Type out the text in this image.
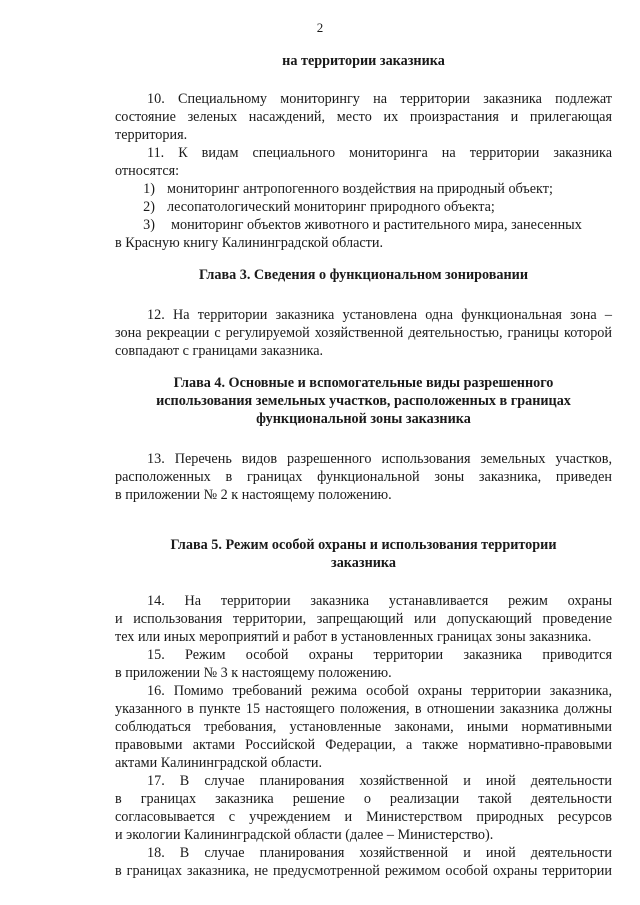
2
на территории заказника
10. Специальному мониторингу на территории заказника подлежат
состояние зеленых насаждений, место их произрастания и прилегающая
территория.
11. К видам специального мониторинга на территории заказника
относятся:
1) мониторинг антропогенного воздействия на природный объект;
2) лесопатологический мониторинг природного объекта;
3) мониторинг объектов животного и растительного мира, занесенных
в Красную книгу Калининградской области.
Глава 3. Сведения о функциональном зонировании
12. На территории заказника установлена одна функциональная зона –
зона рекреации с регулируемой хозяйственной деятельностью, границы которой
совпадают с границами заказника.
Глава 4. Основные и вспомогательные виды разрешенного
использования земельных участков, расположенных в границах
функциональной зоны заказника
13. Перечень видов разрешенного использования земельных участков,
расположенных в границах функциональной зоны заказника, приведен
в приложении № 2 к настоящему положению.
Глава 5. Режим особой охраны и использования территории
заказника
14. На территории заказника устанавливается режим охраны
и использования территории, запрещающий или допускающий проведение
тех или иных мероприятий и работ в установленных границах зоны заказника.
15. Режим особой охраны территории заказника приводится
в приложении № 3 к настоящему положению.
16. Помимо требований режима особой охраны территории заказника,
указанного в пункте 15 настоящего положения, в отношении заказника должны
соблюдаться требования, установленные законами, иными нормативными
правовыми актами Российской Федерации, а также нормативно-правовыми
актами Калининградской области.
17. В случае планирования хозяйственной и иной деятельности
в границах заказника решение о реализации такой деятельности
согласовывается с учреждением и Министерством природных ресурсов
и экологии Калининградской области (далее – Министерство).
18. В случае планирования хозяйственной и иной деятельности
в границах заказника, не предусмотренной режимом особой охраны территории
